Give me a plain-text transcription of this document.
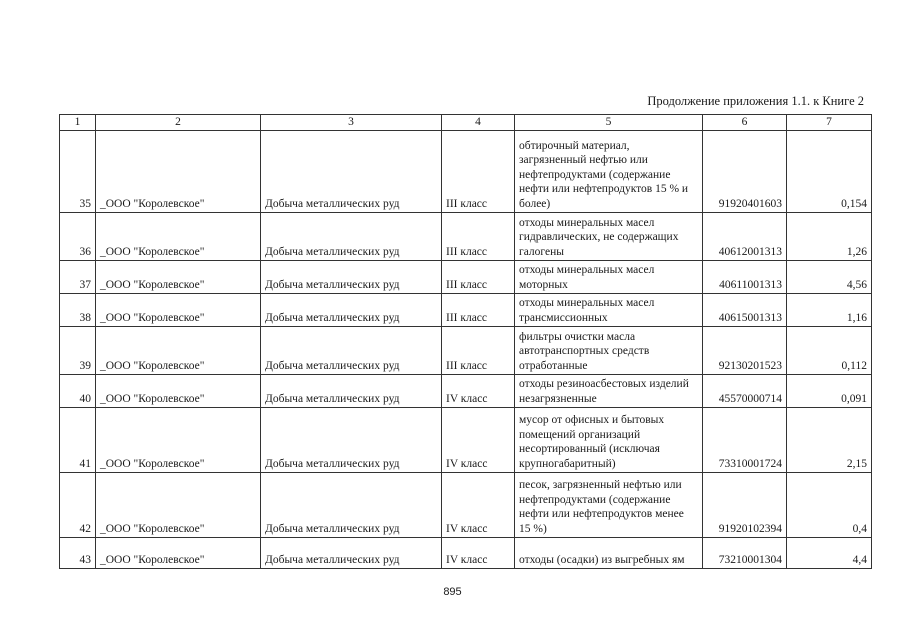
Продолжение приложения 1.1. к Книге 2
1	2	3	4	5	6	7
35	_ООО "Королевское"	Добыча металлических руд	III класс	обтирочный материал, загрязненный нефтью или нефтепродуктами (содержание нефти или нефтепродуктов 15 % и более)	91920401603	0,154
36	_ООО "Королевское"	Добыча металлических руд	III класс	отходы минеральных масел гидравлических, не содержащих галогены	40612001313	1,26
37	_ООО "Королевское"	Добыча металлических руд	III класс	отходы минеральных масел моторных	40611001313	4,56
38	_ООО "Королевское"	Добыча металлических руд	III класс	отходы минеральных масел трансмиссионных	40615001313	1,16
39	_ООО "Королевское"	Добыча металлических руд	III класс	фильтры очистки масла автотранспортных средств отработанные	92130201523	0,112
40	_ООО "Королевское"	Добыча металлических руд	IV класс	отходы резиноасбестовых изделий незагрязненные	45570000714	0,091
41	_ООО "Королевское"	Добыча металлических руд	IV класс	мусор от офисных и бытовых помещений организаций несортированный (исключая крупногабаритный)	73310001724	2,15
42	_ООО "Королевское"	Добыча металлических руд	IV класс	песок, загрязненный нефтью или нефтепродуктами (содержание нефти или нефтепродуктов менее 15 %)	91920102394	0,4
43	_ООО "Королевское"	Добыча металлических руд	IV класс	отходы (осадки) из выгребных ям	73210001304	4,4
895
